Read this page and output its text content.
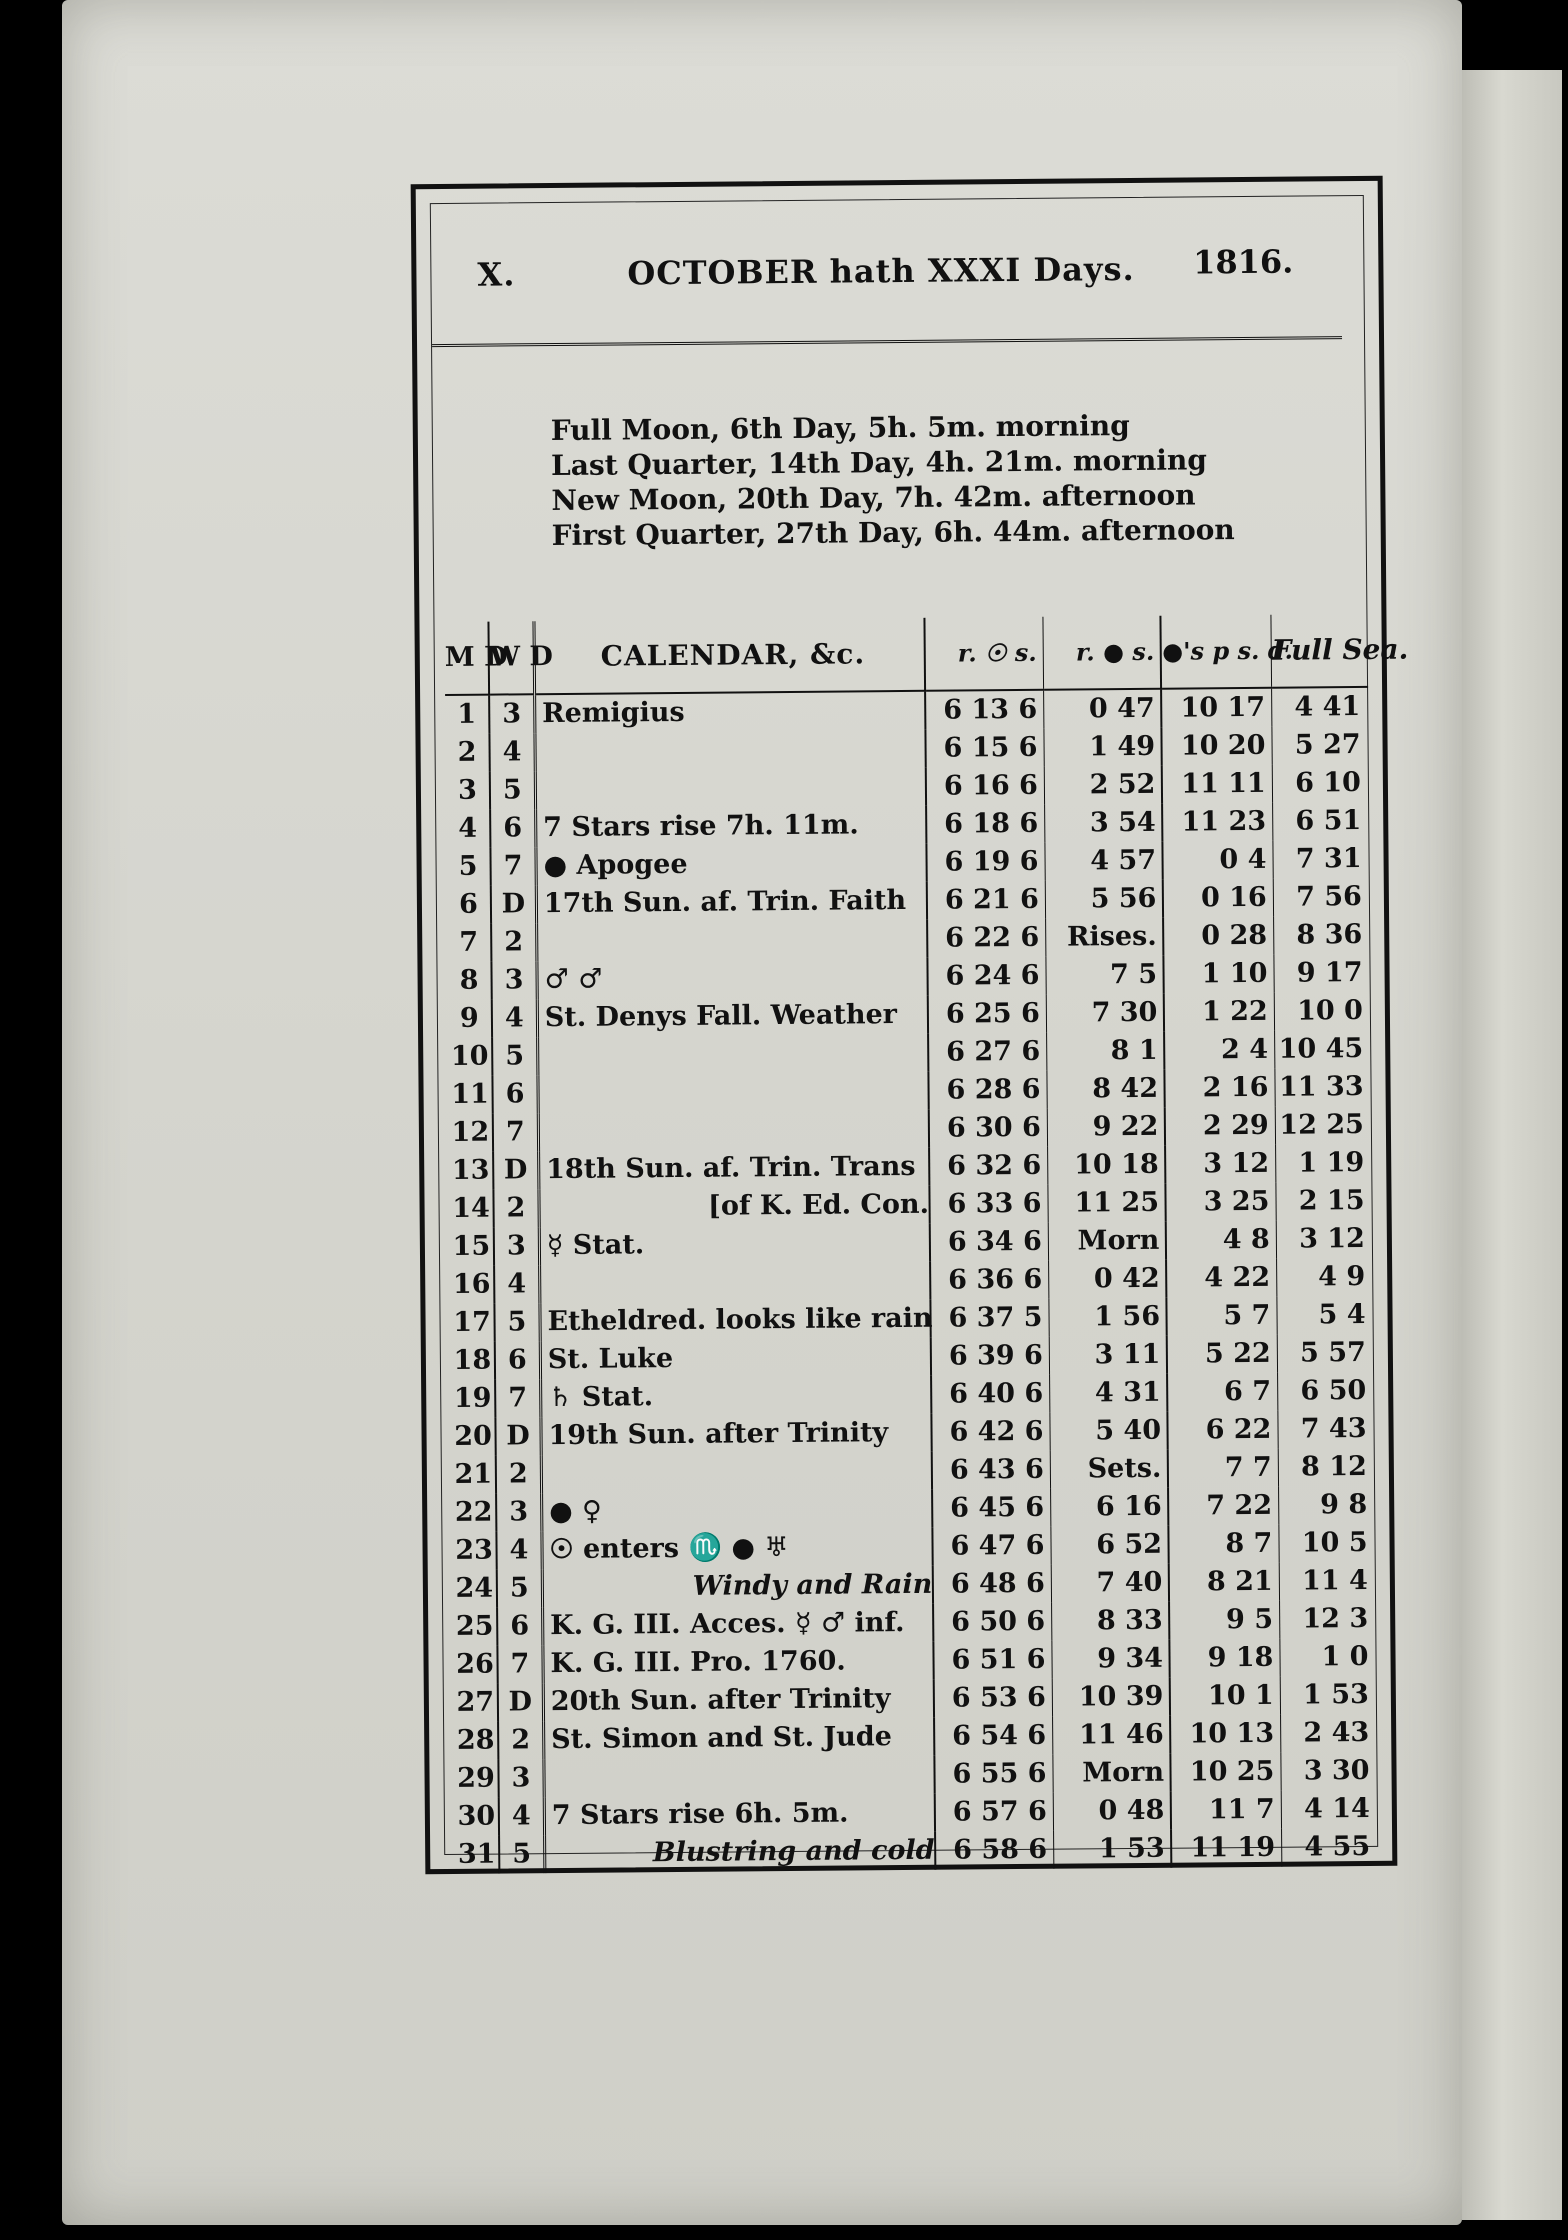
X.	OCTOBER hath XXXI Days. 1816.
Full Moon, 6th Day, 5h. 5m. morning
Last Quarter, 14th Day, 4h. 21m. morning
New Moon, 20th Day, 7h. 42m. afternoon
First Quarter, 27th Day, 6h. 44m. afternoon
M D	W D	CALENDAR, &c.	r. ☉ s.	r. ● s.	●'s p s. d.	Full Sea.
1	3	Remigius	6 13 6	0 47	10 17	4 41
2	4		6 15 6	1 49	10 20	5 27
3	5		6 16 6	2 52	11 11	6 10
4	6	7 Stars rise 7h. 11m.	6 18 6	3 54	11 23	6 51
5	7	● Apogee	6 19 6	4 57	0 4	7 31
6	D	17th Sun. af. Trin. Faith	6 21 6	5 56	0 16	7 56
7	2		6 22 6	Rises.	0 28	8 36
8	3	♂ ♂	6 24 6	7 5	1 10	9 17
9	4	St. Denys Fall. Weather	6 25 6	7 30	1 22	10 0
10	5		6 27 6	8 1	2 4	10 45
11	6		6 28 6	8 42	2 16	11 33
12	7		6 30 6	9 22	2 29	12 25
13	D	18th Sun. af. Trin. Trans	6 32 6	10 18	3 12	1 19
14	2	[of K. Ed. Con.	6 33 6	11 25	3 25	2 15
15	3	☿ Stat.	6 34 6	Morn	4 8	3 12
16	4		6 36 6	0 42	4 22	4 9
17	5	Etheldred. looks like rain	6 37 5	1 56	5 7	5 4
18	6	St. Luke	6 39 6	3 11	5 22	5 57
19	7	♄ Stat.	6 40 6	4 31	6 7	6 50
20	D	19th Sun. after Trinity	6 42 6	5 40	6 22	7 43
21	2		6 43 6	Sets.	7 7	8 12
22	3	● ♀	6 45 6	6 16	7 22	9 8
23	4	☉ enters ♏ ● ♅	6 47 6	6 52	8 7	10 5
24	5	Windy and Rain	6 48 6	7 40	8 21	11 4
25	6	K. G. III. Acces. ☿ ♂ inf.	6 50 6	8 33	9 5	12 3
26	7	K. G. III. Pro. 1760.	6 51 6	9 34	9 18	1 0
27	D	20th Sun. after Trinity	6 53 6	10 39	10 1	1 53
28	2	St. Simon and St. Jude	6 54 6	11 46	10 13	2 43
29	3		6 55 6	Morn	10 25	3 30
30	4	7 Stars rise 6h. 5m.	6 57 6	0 48	11 7	4 14
31	5	Blustring and cold	6 58 6	1 53	11 19	4 55
